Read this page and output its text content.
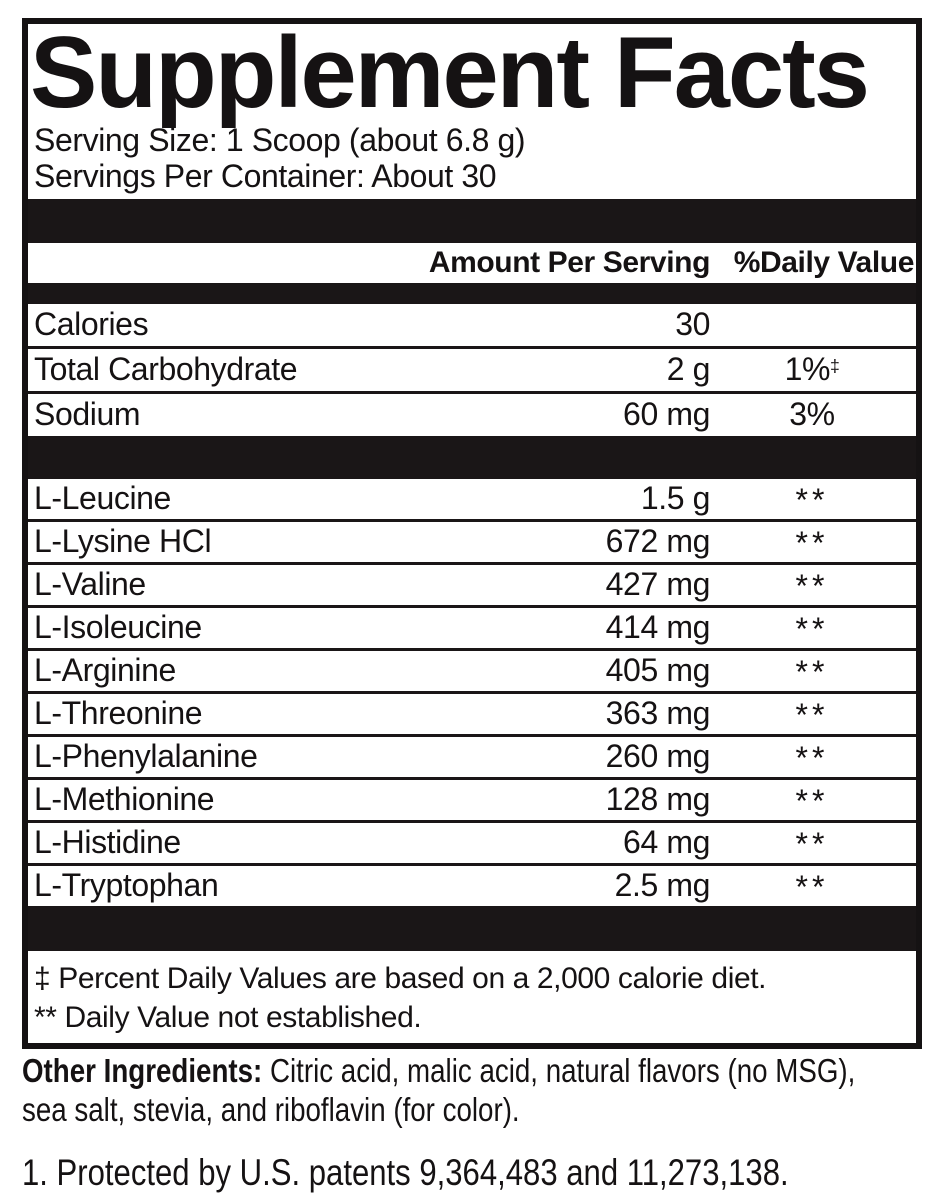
Supplement Facts
Serving Size: 1 Scoop (about 6.8 g)
Servings Per Container: About 30
Amount Per Serving %Daily Value
Calories	30
Total Carbohydrate	2 g	1%‡
Sodium	60 mg	3%
L-Leucine	1.5 g	**
L-Lysine HCl	672 mg	**
L-Valine	427 mg	**
L-Isoleucine	414 mg	**
L-Arginine	405 mg	**
L-Threonine	363 mg	**
L-Phenylalanine	260 mg	**
L-Methionine	128 mg	**
L-Histidine	64 mg	**
L-Tryptophan	2.5 mg	**
‡ Percent Daily Values are based on a 2,000 calorie diet.
** Daily Value not established.
Other Ingredients: Citric acid, malic acid, natural flavors (no MSG),
sea salt, stevia, and riboflavin (for color).
1. Protected by U.S. patents 9,364,483 and 11,273,138.
